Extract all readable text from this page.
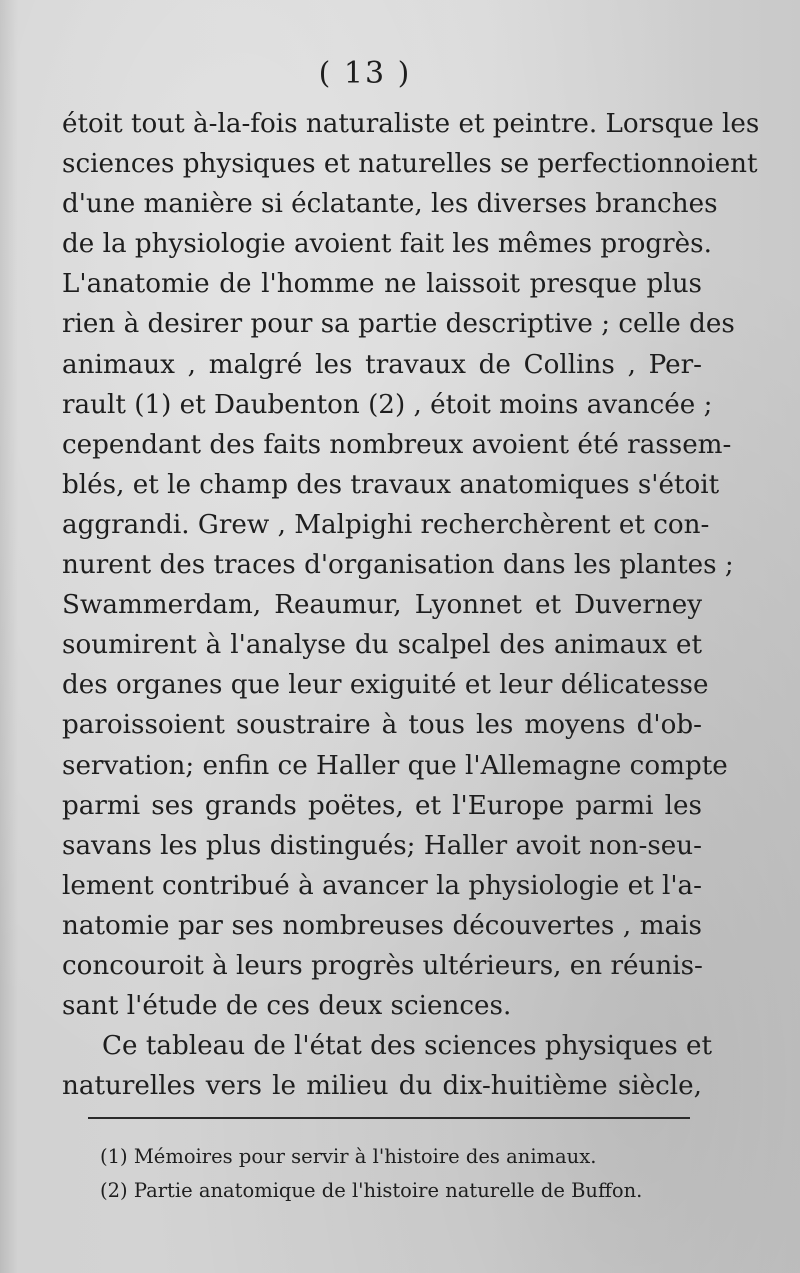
( 13 )
étoit tout à-la-fois naturaliste et peintre. Lorsque les
sciences physiques et naturelles se perfectionnoient
d'une manière si éclatante, les diverses branches
de la physiologie avoient fait les mêmes progrès.
L'anatomie de l'homme ne laissoit presque plus
rien à desirer pour sa partie descriptive ; celle des
animaux , malgré les travaux de Collins , Per-
rault (1) et Daubenton (2) , étoit moins avancée ;
cependant des faits nombreux avoient été rassem-
blés, et le champ des travaux anatomiques s'étoit
aggrandi. Grew , Malpighi recherchèrent et con-
nurent des traces d'organisation dans les plantes ;
Swammerdam, Reaumur, Lyonnet et Duverney
soumirent à l'analyse du scalpel des animaux et
des organes que leur exiguité et leur délicatesse
paroissoient soustraire à tous les moyens d'ob-
servation; enfin ce Haller que l'Allemagne compte
parmi ses grands poëtes, et l'Europe parmi les
savans les plus distingués; Haller avoit non-seu-
lement contribué à avancer la physiologie et l'a-
natomie par ses nombreuses découvertes , mais
concouroit à leurs progrès ultérieurs, en réunis-
sant l'étude de ces deux sciences.
Ce tableau de l'état des sciences physiques et
naturelles vers le milieu du dix-huitième siècle,
(1) Mémoires pour servir à l'histoire des animaux.
(2) Partie anatomique de l'histoire naturelle de Buffon.
